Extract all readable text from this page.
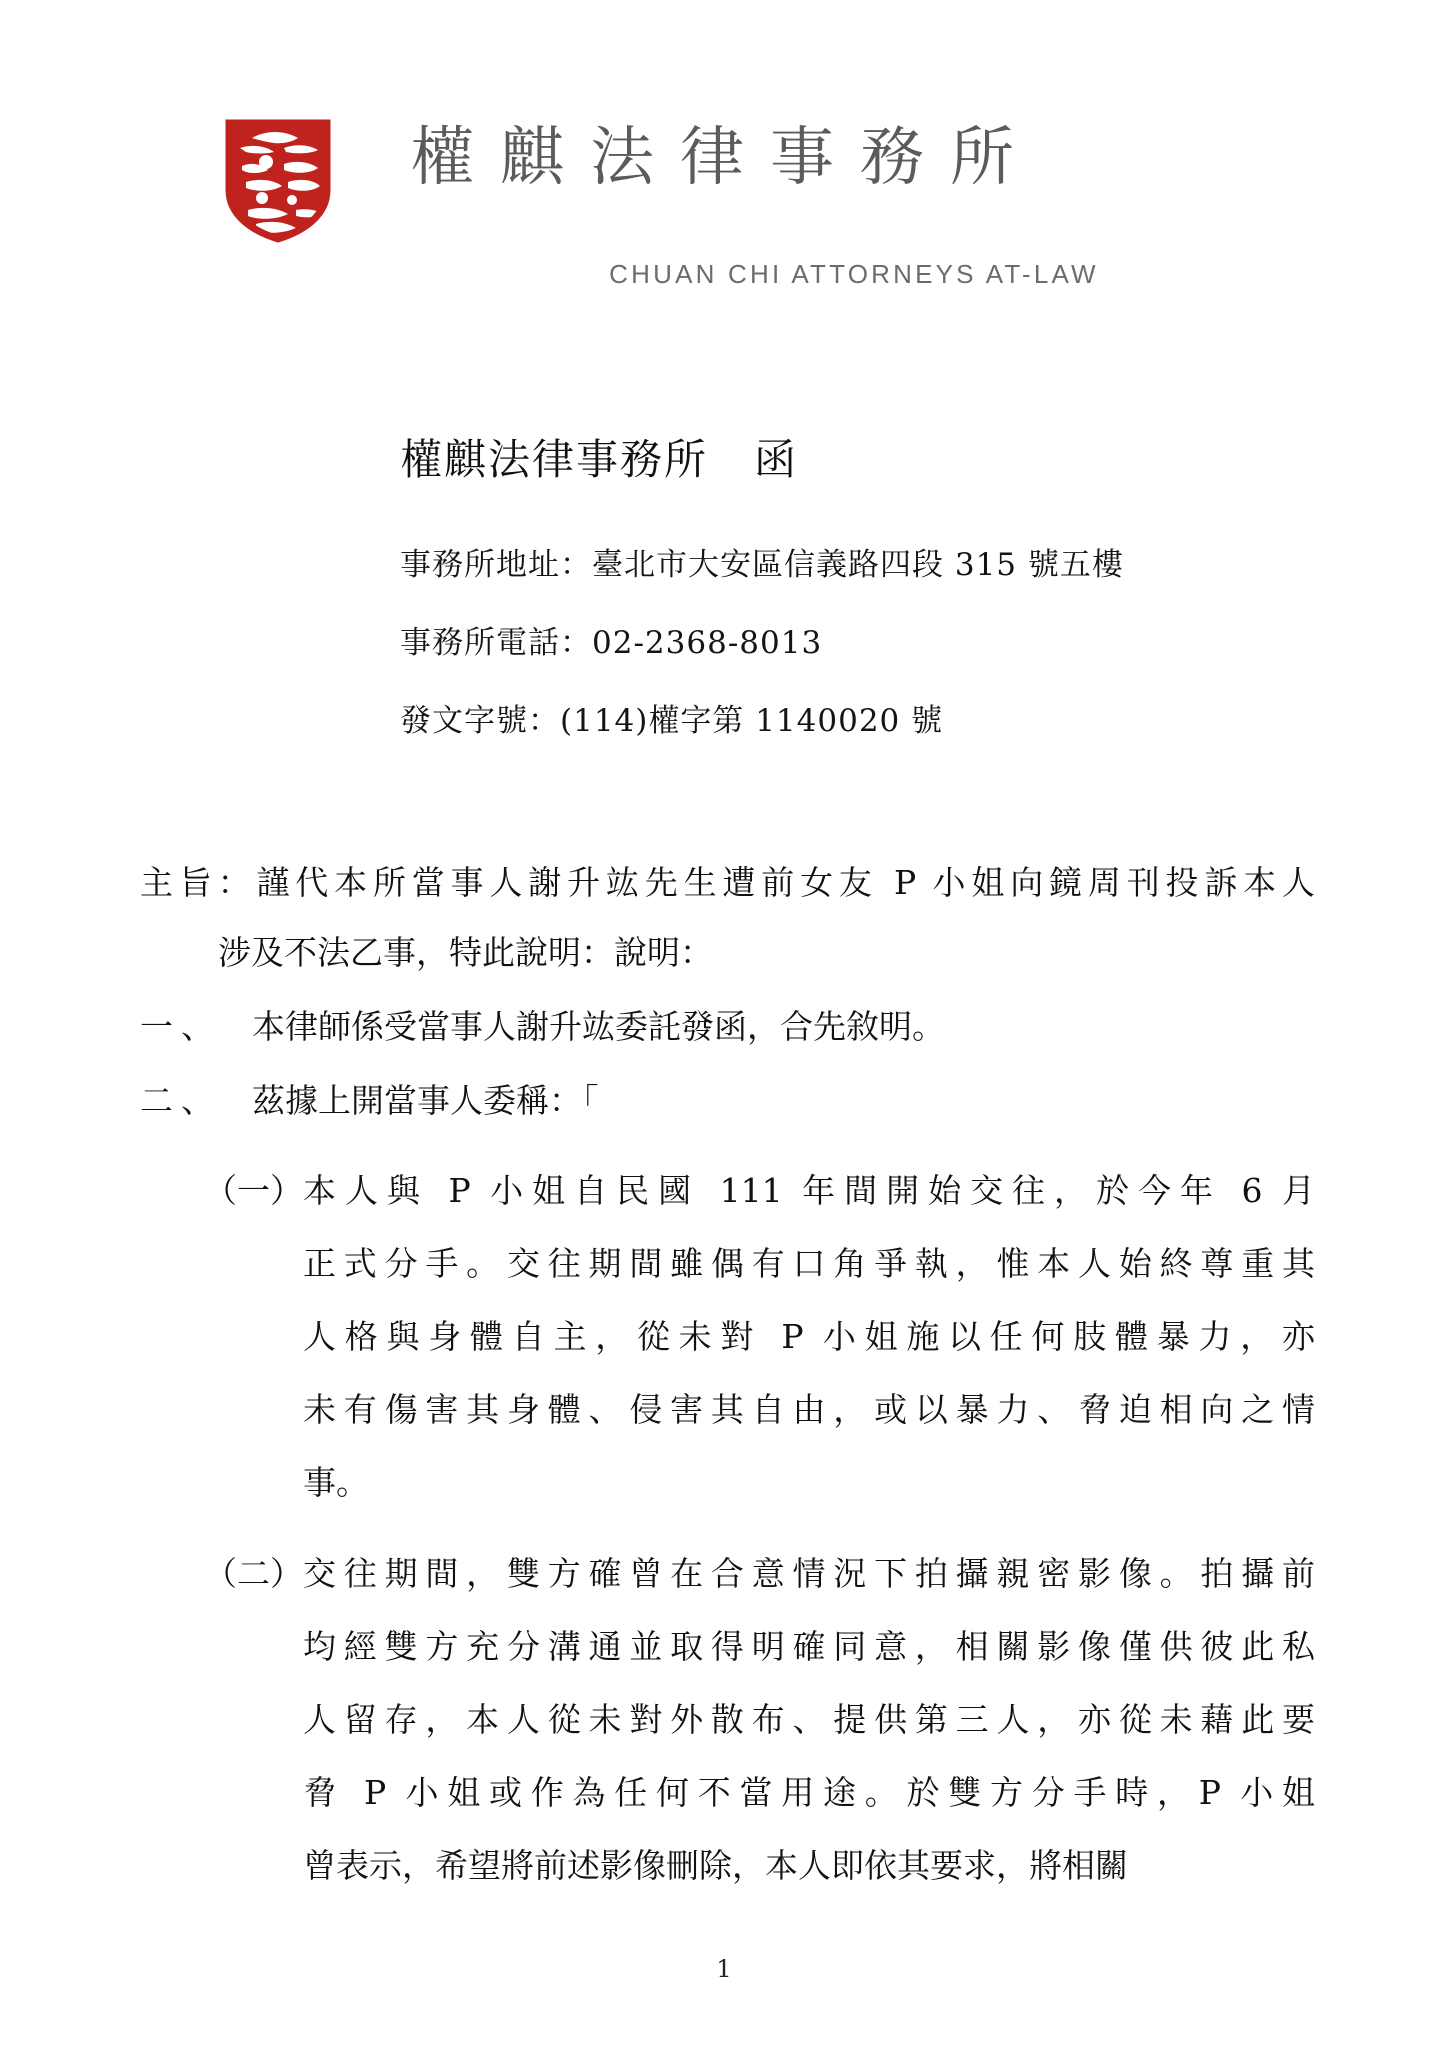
權麒法律事務所
CHUAN CHI ATTORNEYS AT-LAW
權麒法律事務所 函
事務所地址：臺北市大安區信義路四段 315 號五樓
事務所電話：02-2368-8013
發文字號：(114)權字第 1140020 號
主旨：謹代本所當事人謝升竑先生遭前女友 P 小姐向鏡周刊投訴本人
涉及不法乙事，特此說明：說明：
一、 本律師係受當事人謝升竑委託發函，合先敘明。
二、 茲據上開當事人委稱：「
（一） 本人與 P 小姐自民國 111 年間開始交往，於今年 6 月
正式分手。交往期間雖偶有口角爭執，惟本人始終尊重其
人格與身體自主，從未對 P 小姐施以任何肢體暴力，亦
未有傷害其身體、侵害其自由，或以暴力、脅迫相向之情
事。
（二） 交往期間，雙方確曾在合意情況下拍攝親密影像。拍攝前
均經雙方充分溝通並取得明確同意，相關影像僅供彼此私
人留存，本人從未對外散布、提供第三人，亦從未藉此要
脅 P 小姐或作為任何不當用途。於雙方分手時，P 小姐
曾表示，希望將前述影像刪除，本人即依其要求，將相關
1
